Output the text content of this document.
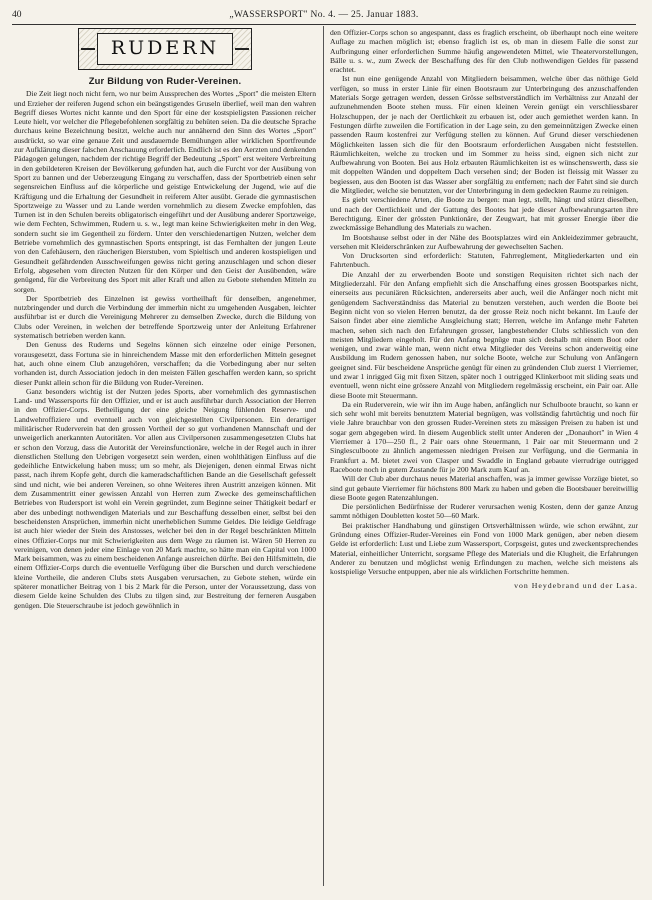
40	„WASSERSPORT" No. 4. — 25. Januar 1883.
RUDERN
Zur Bildung von Ruder-Vereinen.

Die Zeit liegt noch nicht fern, wo nur beim Aussprechen des Wortes „Sport" die meisten Eltern und Erzieher der reiferen Jugend schon ein beängstigendes Gruseln überlief, weil man den wahren Begriff dieses Wortes nicht kannte und den Sport für eine der kostspieligsten Passionen reicher Leute hielt, vor welcher die Pflegebefohlenen sorgfältig zu behüten seien. Da die deutsche Sprache durchaus keine Bezeichnung besitzt, welche auch nur annähernd den Sinn des Wortes „Sport" ausdrückt, so war eine genaue Zeit und ausdauernde Bemühungen aller wirklichen Sportfreunde zur Aufklärung dieser falschen Anschauung erforderlich. Endlich ist es den Aerzten und denkenden Pädagogen gelungen, nachdem der richtige Begriff der Bedeutung „Sport" erst weitere Verbreitung in den gebildeteren Kreisen der Bevölkerung gefunden hat, auch die Furcht vor der Ausübung von Sport zu bannen und der Ueberzeugung Eingang zu verschaffen, dass der Sportbetrieb einen sehr segensreichen Einfluss auf die körperliche und geistige Entwickelung der Jugend, wie auf die Kräftigung und die Erhaltung der Gesundheit in reiferem Alter ausübt. Gerade die gymnastischen Sportzweige zu Wasser und zu Lande werden vornehmlich zu diesem Zwecke empfohlen, das Turnen ist in den Schulen bereits obligatorisch eingeführt und der Ausübung anderer Sportzweige, wie dem Fechten, Schwimmen, Rudern u. s. w., legt man keine Schwierigkeiten mehr in den Weg, sondern sucht sie im Gegentheil zu fördern. Unter den verschiedenartigen Nutzen, welcher dem Betriebe vornehmlich des gymnastischen Sports entspringt, ist das Fernhalten der jungen Leute von den Cafehäusern, den räucherigen Bierstuben, vom Spieltisch und anderen kostspieligen und Gesundheit gefährdenden Ausschweifungen gewiss nicht gering anzuschlagen und schon dieser Erfolg, abgesehen vom directen Nutzen für den Körper und den Geist der Ausübenden, wäre genügend, für die Verbreitung des Sport mit aller Kraft und allen zu Gebote stehenden Mitteln zu sorgen.

Der Sportbetrieb des Einzelnen ist gewiss vortheilhaft für denselben, angenehmer, nutzbringender und durch die Verbindung der immerhin nicht zu umgehenden Ausgaben, leichter ausführbar ist er durch die Vereinigung Mehrerer zu demselben Zwecke, durch die Bildung von Clubs oder Vereinen, in welchen der betreffende Sportzweig unter der Anleitung Erfahrener systematisch betrieben werden kann.

Den Genuss des Ruderns und Segelns können sich einzelne oder einige Personen, vorausgesetzt, dass Fortuna sie in hinreichendem Masse mit den erforderlichen Mitteln gesegnet hat, auch ohne einem Club anzugehören, verschaffen; da die Vorbedingung aber nur selten vorhanden ist, durch Association jedoch in den meisten Fällen geschaffen werden kann, so spricht dieser Punkt allein schon für die Bildung von Ruder-Vereinen.

Ganz besonders wichtig ist der Nutzen jedes Sports, aber vornehmlich des gymnastischen Land- und Wassersports für den Offizier, und er ist auch ausführbar durch Association der Herren in den Offizier-Corps. Betheiligung der eine gleiche Neigung fühlenden Reserve- und Landwehroffiziere und eventuell auch von gleichgestellten Civilpersonen. Ein derartiger militärischer Ruderverein hat den grossen Vortheil der so gut vorhandenen Mannschaft und der unweigerlich anerkannten Autoritäten. Vor allen aus Civilpersonen zusammengesetzten Clubs hat er schon den Vorzug, dass die Autorität der Vereinsfunctionäre, welche in der Regel auch in ihrer dienstlichen Stellung den Uebrigen vorgesetzt sein werden, einen wohlthätigen Einfluss auf die gedeihliche Entwickelung haben muss; um so mehr, als Diejenigen, denen einmal Etwas nicht passt, nach ihrem Kopfe geht, durch die kameradschaftlichen Bande an die Gesellschaft gefesselt sind und nicht, wie bei anderen Vereinen, so ohne Weiteres ihren Austritt anzeigen können. Mit dem Zusammentritt einer gewissen Anzahl von Herren zum Zwecke des gemeinschaftlichen Betriebes von Rudersport ist wohl ein Verein gegründet, zum Beginne seiner Thätigkeit bedarf er aber des unbedingt nothwendigen Materials und zur Beschaffung desselben einer, selbst bei den bescheidensten Ansprüchen, immerhin nicht unerheblichen Summe Geldes. Die leidige Geldfrage ist auch hier wieder der Stein des Anstosses, welcher bei den in der Regel beschränkten Mitteln eines Offizier-Corps nur mit Schwierigkeiten aus dem Wege zu räumen ist. Wären 50 Herren zu vereinigen, von denen jeder eine Einlage von 20 Mark machte, so hätte man ein Capital von 1000 Mark beisammen, was zu einem bescheidenen Anfange ausreichen dürfte. Bei den Hilfsmitteln, die einem Offizier-Corps durch die eventuelle Verfügung über die Burschen und durch verschiedene kleine Vortheile, die anderen Clubs stets Ausgaben verursachen, zu Gebote stehen, würde ein späterer monatlicher Beitrag von 1 bis 2 Mark für die Person, unter der Voraussetzung, dass von diesem Gelde keine Schulden des Clubs zu tilgen sind, zur Bestreitung der ferneren Ausgaben genügen. Die Steuerschraube ist jedoch gewöhnlich in

den Offizier-Corps schon so angespannt, dass es fraglich erscheint, ob überhaupt noch eine weitere Auflage zu machen möglich ist; ebenso fraglich ist es, ob man in diesem Falle die sonst zur Aufbringung einer erforderlichen Summe häufig angewendeten Mittel, wie Theatervorstellungen, Bälle u. s. w., zum Zweck der Beschaffung des für den Club nothwendigen Geldes für passend erachtet.

Ist nun eine genügende Anzahl von Mitgliedern beisammen, welche über das nöthige Geld verfügen, so muss in erster Linie für einen Bootsraum zur Unterbringung des anzuschaffenden Materials Sorge getragen werden, dessen Grösse selbstverständlich im Verhältniss zur Anzahl der aufzunehmenden Boote stehen muss. Für einen kleinen Verein genügt ein verschliessbarer Holzschuppen, der je nach der Oertlichkeit zu erbauen ist, oder auch gemiethet werden kann. In Festungen dürfte zuweilen die Fortification in der Lage sein, zu den gemeinnützigen Zwecke einen passenden Raum kostenfrei zur Verfügung stellen zu können. Auf Grund dieser verschiedenen Möglichkeiten lassen sich die für den Bootsraum erforderlichen Ausgaben nicht feststellen. Räumlichkeiten, welche zu trocken und im Sommer zu heiss sind, eignen sich nicht zur Aufbewahrung von Booten. Bei aus Holz erbauten Räumlichkeiten ist es wünschenswerth, dass sie mit doppelten Wänden und doppeltem Dach versehen sind; der Boden ist fleissig mit Wasser zu begiessen, aus den Booten ist das Wasser aber sorgfältig zu entfernen; nach der Fahrt sind sie durch die Mitglieder, welche sie benutzten, vor der Unterbringung in dem gedeckten Raume zu reinigen.

Es giebt verschiedene Arten, die Boote zu bergen: man legt, stellt, hängt und stürzt dieselben, und nach der Oertlichkeit und der Gattung des Bootes hat jede dieser Aufbewahrungsarten ihre Berechtigung. Einer der grössten Punktionäre, der Zeugwart, hat mit grosser Energie über die zweckmässige Behandlung des Materials zu wachen.

Im Bootshause selbst oder in der Nähe des Bootsplatzes wird ein Ankleidezimmer gebraucht, versehen mit Kleiderschränken zur Aufbewahrung der gewechselten Sachen.

Von Drucksorten sind erforderlich: Statuten, Fahrreglement, Mitgliederkarten und ein Fahrtenbuch.

Die Anzahl der zu erwerbenden Boote und sonstigen Requisiten richtet sich nach der Mitgliederzahl. Für den Anfang empfiehlt sich die Anschaffung eines grossen Bootsparkes nicht, einerseits aus pecuniären Rücksichten, andererseits aber auch, weil die Anfänger noch nicht mit genügendem Sachverständniss das Material zu benutzen verstehen, auch werden die Boote bei Beginn nicht von so vielen Herren benutzt, da der grosse Reiz noch nicht bekannt. Im Laufe der Saison findet aber eine ziemliche Ausgleichung statt; Herren, welche im Anfange mehr Fahrten machen, sehen sich nach den Erfahrungen grosser, langbestehender Clubs schliesslich von den meisten Mitgliedern eingeholt. Für den Anfang begnüge man sich deshalb mit einem Boot oder wenigen, und zwar wähle man, wenn nicht etwa Mitglieder des Vereins schon anderweitig eine Ausbildung im Rudern genossen haben, nur solche Boote, welche zur Schulung von Anfängern geeignet sind. Für bescheidene Ansprüche genügt für einen zu gründenden Club zuerst 1 Vierriemer, und zwar 1 inrigged Gig mit fixen Sitzen, später noch 1 outrigged Klinkerboot mit sliding seats und eventuell, wenn nicht eine grössere Anzahl von Mitgliedern regelmässig erscheint, ein Pair oar. Alle diese Boote mit Steuermann.

Da ein Ruderverein, wie wir ihn im Auge haben, anfänglich nur Schulboote braucht, so kann er sich sehr wohl mit bereits benutztem Material begnügen, was vollständig fahrtüchtig und noch für viele Jahre brauchbar von den grossen Ruder-Vereinen stets zu mässigen Preisen zu haben ist und sogar gern abgegeben wird. In diesem Augenblick stellt unter Anderen der „Donauhort" in Wien 4 Vierriemer à 170—250 fl., 2 Pair oars ohne Steuermann, 1 Pair oar mit Steuermann und 2 Singlesculboote zu ähnlich angemessen niedrigen Preisen zur Verfügung, und die Germania in Frankfurt a. M. bietet zwei von Clasper und Swaddle in England gebaute vierrudrige outrigged Raceboote noch in gutem Zustande für je 200 Mark zum Kauf an.

Will der Club aber durchaus neues Material anschaffen, was ja immer gewisse Vorzüge bietet, so sind gut gebaute Vierriemer für höchstens 800 Mark zu haben und geben die Bootsbauer bereitwillig diese Boote gegen Ratenzahlungen.

Die persönlichen Bedürfnisse der Ruderer verursachen wenig Kosten, denn der ganze Anzug sammt nöthigen Doubletten kostet 50—60 Mark.

Bei praktischer Handhabung und günstigen Ortsverhältnissen würde, wie schon erwähnt, zur Gründung eines Offizier-Ruder-Vereines ein Fond von 1000 Mark genügen, aber neben diesem Gelde ist erforderlich: Lust und Liebe zum Wassersport, Corpsgeist, gutes und zweckentsprechendes Material, einheitlicher Unterricht, sorgsame Pflege des Materials und die Klugheit, die Erfahrungen Anderer zu benutzen und möglichst wenig Erfindungen zu machen, welche sich meistens als kostspielige Versuche entpuppen, aber nie als wirklichen Fortschritte hemmen.

von Heydebrand und der Lasa.
